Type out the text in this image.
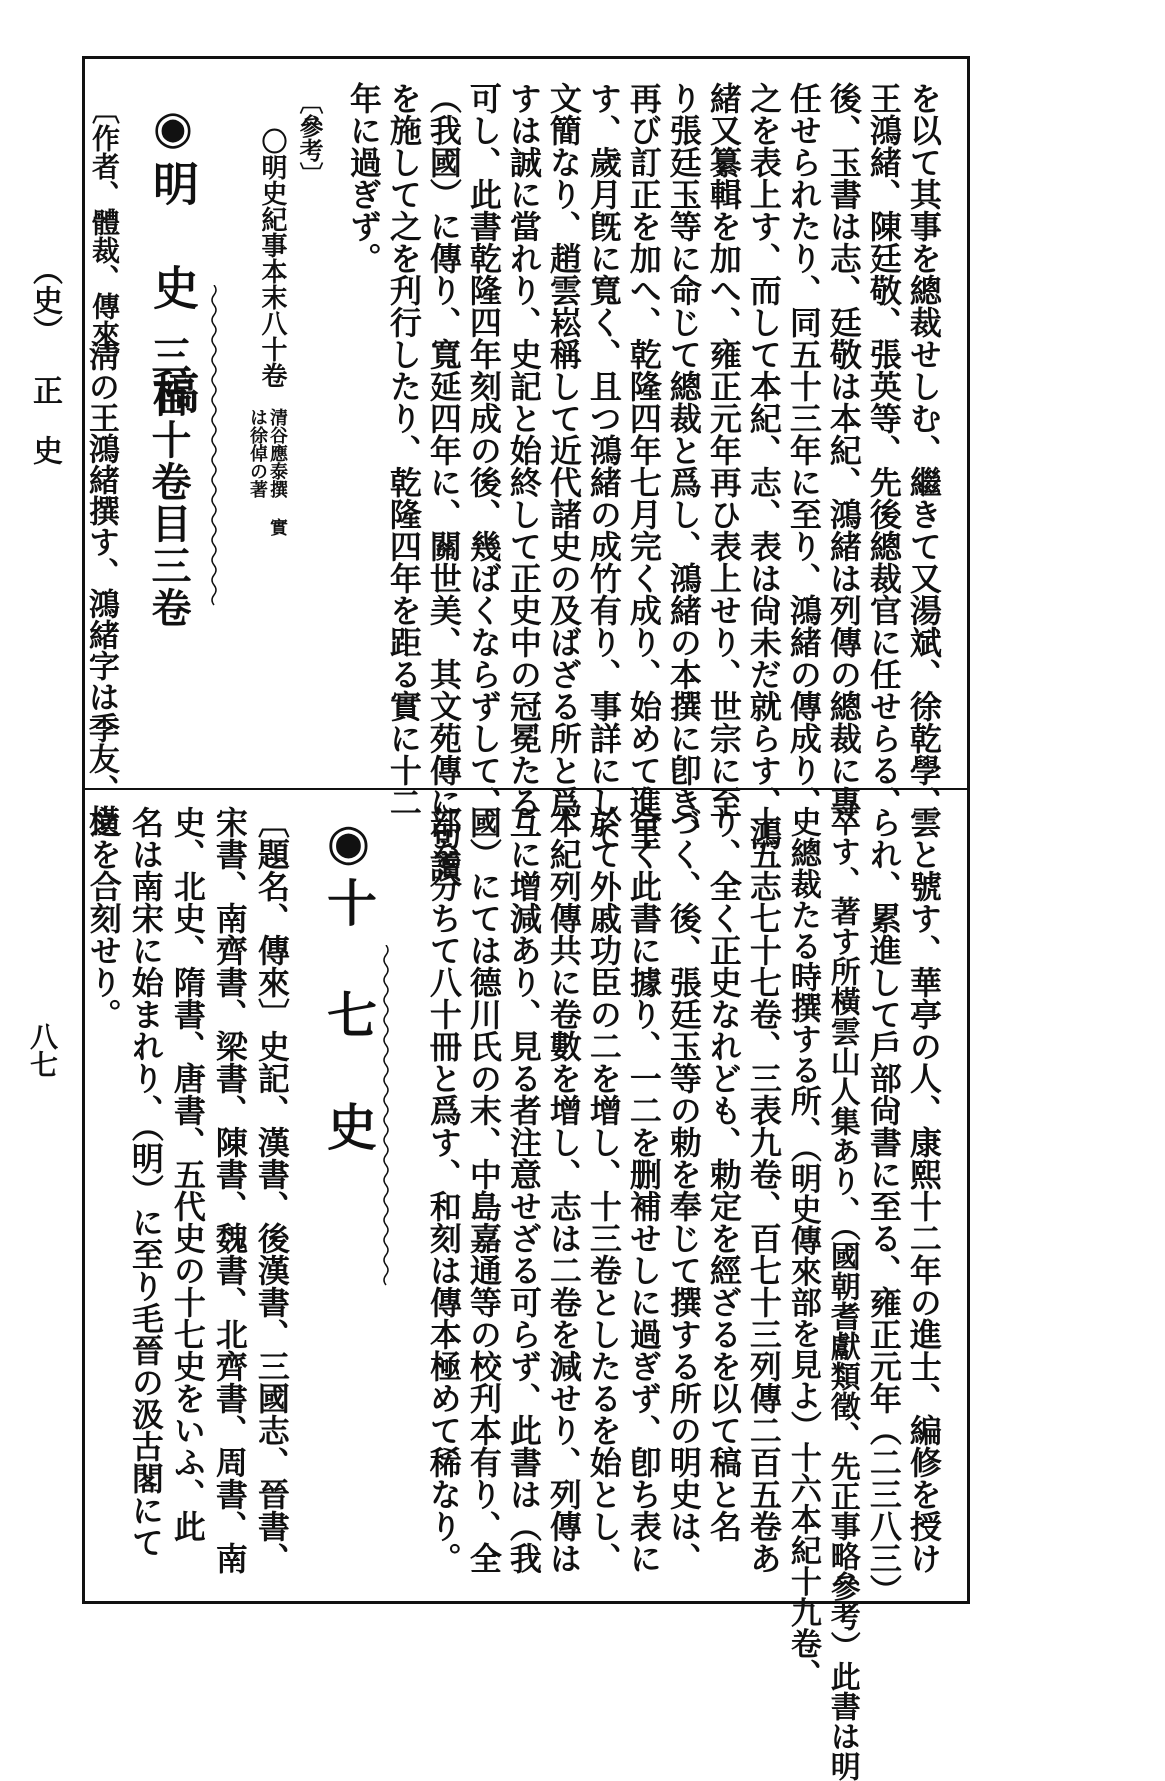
（史）
正　史
八七
を以て其事を總裁せしむ、繼きて又湯斌、徐乾學、
王鴻緒、陳廷敬、張英等、先後總裁官に任せらる、
後、玉書は志、廷敬は本紀、鴻緒は列傳の總裁に專
任せられたり、同五十三年に至り、鴻緒の傳成り、
之を表上す、而して本紀、志、表は尙未だ就らす、鴻
緒又纂輯を加へ、雍正元年再ひ表上せり、世宗に至
り張廷玉等に命じて總裁と爲し、鴻緒の本撰に卽き、
再び訂正を加へ、乾隆四年七月完く成り、始めて進呈
す、歲月旣に寬く、且つ鴻緒の成竹有り、事詳にして
文簡なり、趙雲崧稱して近代諸史の及ばざる所と爲
すは誠に當れり、史記と始終して正史中の冠冕たる
可し、此書乾隆四年刻成の後、幾ばくならずして、
（我國）に傳り、寬延四年に、關世美、其文苑傳に句讀
を施して之を刋行したり、乾隆四年を距る實に十二
年に過ぎず。
〔參考〕
〇明史紀事本末八十卷
清谷應泰撰
は徐倬の著
實
◉明　史　稿
三百十卷目三卷
〔作者、體裁、傳來〕
淸の王鴻緒撰す、鴻緒字は季友、橫
雲と號す、華亭の人、康熙十二年の進士、編修を授け
られ、累進して戶部尙書に至る、雍正元年（二三八三）
卒す、著す所橫雲山人集あり、（國朝耆獻類徵、先正事略參考）此書は明
史總裁たる時撰する所、（明史傳來部を見よ）十六本紀十九卷、
十五志七十七卷、三表九卷、百七十三列傳二百五卷あ
り、全く正史なれども、勅定を經ざるを以て稿と名
づく、後、張廷玉等の勅を奉じて撰する所の明史は、
全く此書に據り、一二を删補せしに過ぎず、卽ち表に
於て外戚功臣の二を增し、十三卷としたるを始とし、
本紀列傳共に卷數を增し、志は二卷を減せり、列傳は
互に增減あり、見る者注意せざる可らず、此書は（我
國）にては德川氏の末、中島嘉通等の校刋本有り、全
部を分ちて八十冊と爲す、和刻は傳本極めて稀なり。
◉十　七　史
〔題名、傳來〕史記、漢書、後漢書、三國志、晉書、
宋書、南齊書、梁書、陳書、魏書、北齊書、周書、南
史、北史、隋書、唐書、五代史の十七史をいふ、此
名は南宋に始まれり、（明）に至り毛晉の汲古閣にて
之を合刻せり。
